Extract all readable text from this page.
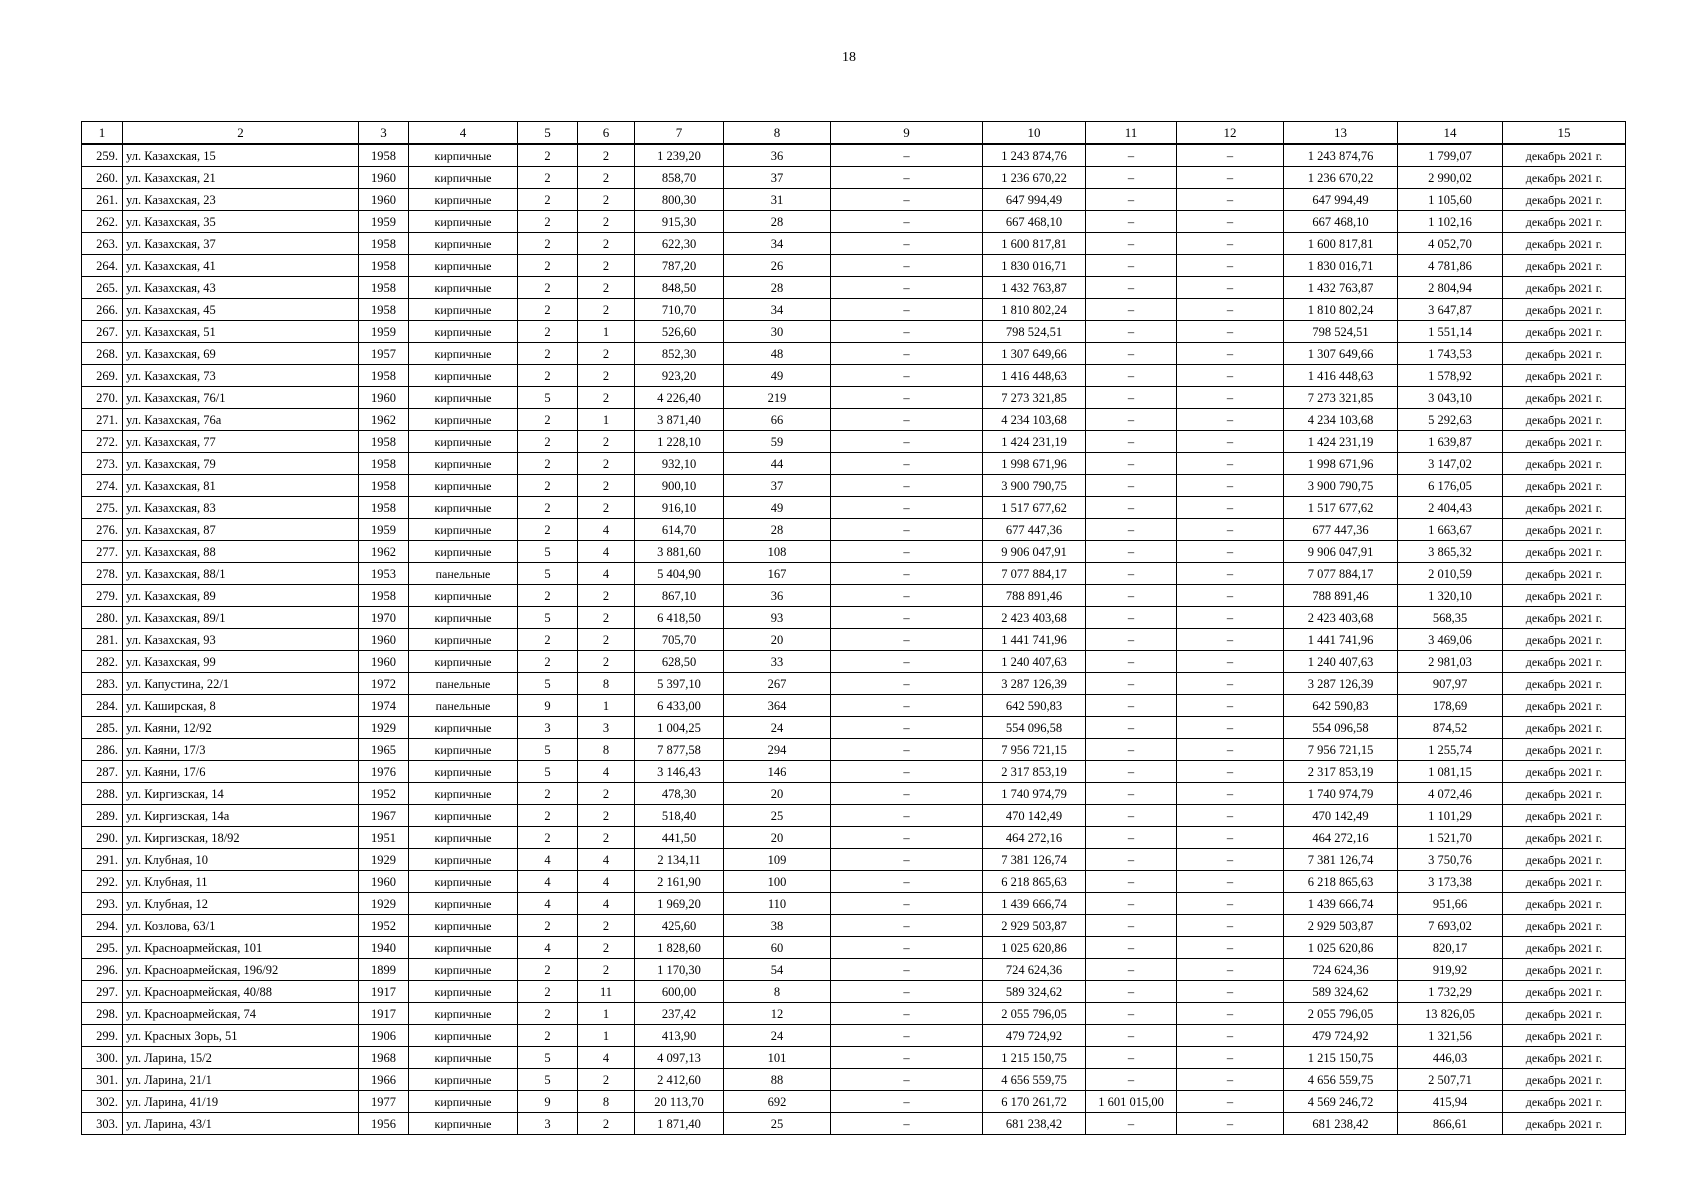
18
1	2	3	4	5	6	7	8	9	10	11	12	13	14	15
259.	ул. Казахская, 15	1958	кирпичные	2	2	1 239,20	36	–	1 243 874,76	–	–	1 243 874,76	1 799,07	декабрь 2021 г.
260.	ул. Казахская, 21	1960	кирпичные	2	2	858,70	37	–	1 236 670,22	–	–	1 236 670,22	2 990,02	декабрь 2021 г.
261.	ул. Казахская, 23	1960	кирпичные	2	2	800,30	31	–	647 994,49	–	–	647 994,49	1 105,60	декабрь 2021 г.
262.	ул. Казахская, 35	1959	кирпичные	2	2	915,30	28	–	667 468,10	–	–	667 468,10	1 102,16	декабрь 2021 г.
263.	ул. Казахская, 37	1958	кирпичные	2	2	622,30	34	–	1 600 817,81	–	–	1 600 817,81	4 052,70	декабрь 2021 г.
264.	ул. Казахская, 41	1958	кирпичные	2	2	787,20	26	–	1 830 016,71	–	–	1 830 016,71	4 781,86	декабрь 2021 г.
265.	ул. Казахская, 43	1958	кирпичные	2	2	848,50	28	–	1 432 763,87	–	–	1 432 763,87	2 804,94	декабрь 2021 г.
266.	ул. Казахская, 45	1958	кирпичные	2	2	710,70	34	–	1 810 802,24	–	–	1 810 802,24	3 647,87	декабрь 2021 г.
267.	ул. Казахская, 51	1959	кирпичные	2	1	526,60	30	–	798 524,51	–	–	798 524,51	1 551,14	декабрь 2021 г.
268.	ул. Казахская, 69	1957	кирпичные	2	2	852,30	48	–	1 307 649,66	–	–	1 307 649,66	1 743,53	декабрь 2021 г.
269.	ул. Казахская, 73	1958	кирпичные	2	2	923,20	49	–	1 416 448,63	–	–	1 416 448,63	1 578,92	декабрь 2021 г.
270.	ул. Казахская, 76/1	1960	кирпичные	5	2	4 226,40	219	–	7 273 321,85	–	–	7 273 321,85	3 043,10	декабрь 2021 г.
271.	ул. Казахская, 76а	1962	кирпичные	2	1	3 871,40	66	–	4 234 103,68	–	–	4 234 103,68	5 292,63	декабрь 2021 г.
272.	ул. Казахская, 77	1958	кирпичные	2	2	1 228,10	59	–	1 424 231,19	–	–	1 424 231,19	1 639,87	декабрь 2021 г.
273.	ул. Казахская, 79	1958	кирпичные	2	2	932,10	44	–	1 998 671,96	–	–	1 998 671,96	3 147,02	декабрь 2021 г.
274.	ул. Казахская, 81	1958	кирпичные	2	2	900,10	37	–	3 900 790,75	–	–	3 900 790,75	6 176,05	декабрь 2021 г.
275.	ул. Казахская, 83	1958	кирпичные	2	2	916,10	49	–	1 517 677,62	–	–	1 517 677,62	2 404,43	декабрь 2021 г.
276.	ул. Казахская, 87	1959	кирпичные	2	4	614,70	28	–	677 447,36	–	–	677 447,36	1 663,67	декабрь 2021 г.
277.	ул. Казахская, 88	1962	кирпичные	5	4	3 881,60	108	–	9 906 047,91	–	–	9 906 047,91	3 865,32	декабрь 2021 г.
278.	ул. Казахская, 88/1	1953	панельные	5	4	5 404,90	167	–	7 077 884,17	–	–	7 077 884,17	2 010,59	декабрь 2021 г.
279.	ул. Казахская, 89	1958	кирпичные	2	2	867,10	36	–	788 891,46	–	–	788 891,46	1 320,10	декабрь 2021 г.
280.	ул. Казахская, 89/1	1970	кирпичные	5	2	6 418,50	93	–	2 423 403,68	–	–	2 423 403,68	568,35	декабрь 2021 г.
281.	ул. Казахская, 93	1960	кирпичные	2	2	705,70	20	–	1 441 741,96	–	–	1 441 741,96	3 469,06	декабрь 2021 г.
282.	ул. Казахская, 99	1960	кирпичные	2	2	628,50	33	–	1 240 407,63	–	–	1 240 407,63	2 981,03	декабрь 2021 г.
283.	ул. Капустина, 22/1	1972	панельные	5	8	5 397,10	267	–	3 287 126,39	–	–	3 287 126,39	907,97	декабрь 2021 г.
284.	ул. Каширская, 8	1974	панельные	9	1	6 433,00	364	–	642 590,83	–	–	642 590,83	178,69	декабрь 2021 г.
285.	ул. Каяни, 12/92	1929	кирпичные	3	3	1 004,25	24	–	554 096,58	–	–	554 096,58	874,52	декабрь 2021 г.
286.	ул. Каяни, 17/3	1965	кирпичные	5	8	7 877,58	294	–	7 956 721,15	–	–	7 956 721,15	1 255,74	декабрь 2021 г.
287.	ул. Каяни, 17/6	1976	кирпичные	5	4	3 146,43	146	–	2 317 853,19	–	–	2 317 853,19	1 081,15	декабрь 2021 г.
288.	ул. Киргизская, 14	1952	кирпичные	2	2	478,30	20	–	1 740 974,79	–	–	1 740 974,79	4 072,46	декабрь 2021 г.
289.	ул. Киргизская, 14а	1967	кирпичные	2	2	518,40	25	–	470 142,49	–	–	470 142,49	1 101,29	декабрь 2021 г.
290.	ул. Киргизская, 18/92	1951	кирпичные	2	2	441,50	20	–	464 272,16	–	–	464 272,16	1 521,70	декабрь 2021 г.
291.	ул. Клубная, 10	1929	кирпичные	4	4	2 134,11	109	–	7 381 126,74	–	–	7 381 126,74	3 750,76	декабрь 2021 г.
292.	ул. Клубная, 11	1960	кирпичные	4	4	2 161,90	100	–	6 218 865,63	–	–	6 218 865,63	3 173,38	декабрь 2021 г.
293.	ул. Клубная, 12	1929	кирпичные	4	4	1 969,20	110	–	1 439 666,74	–	–	1 439 666,74	951,66	декабрь 2021 г.
294.	ул. Козлова, 63/1	1952	кирпичные	2	2	425,60	38	–	2 929 503,87	–	–	2 929 503,87	7 693,02	декабрь 2021 г.
295.	ул. Красноармейская, 101	1940	кирпичные	4	2	1 828,60	60	–	1 025 620,86	–	–	1 025 620,86	820,17	декабрь 2021 г.
296.	ул. Красноармейская, 196/92	1899	кирпичные	2	2	1 170,30	54	–	724 624,36	–	–	724 624,36	919,92	декабрь 2021 г.
297.	ул. Красноармейская, 40/88	1917	кирпичные	2	11	600,00	8	–	589 324,62	–	–	589 324,62	1 732,29	декабрь 2021 г.
298.	ул. Красноармейская, 74	1917	кирпичные	2	1	237,42	12	–	2 055 796,05	–	–	2 055 796,05	13 826,05	декабрь 2021 г.
299.	ул. Красных Зорь, 51	1906	кирпичные	2	1	413,90	24	–	479 724,92	–	–	479 724,92	1 321,56	декабрь 2021 г.
300.	ул. Ларина, 15/2	1968	кирпичные	5	4	4 097,13	101	–	1 215 150,75	–	–	1 215 150,75	446,03	декабрь 2021 г.
301.	ул. Ларина, 21/1	1966	кирпичные	5	2	2 412,60	88	–	4 656 559,75	–	–	4 656 559,75	2 507,71	декабрь 2021 г.
302.	ул. Ларина, 41/19	1977	кирпичные	9	8	20 113,70	692	–	6 170 261,72	1 601 015,00	–	4 569 246,72	415,94	декабрь 2021 г.
303.	ул. Ларина, 43/1	1956	кирпичные	3	2	1 871,40	25	–	681 238,42	–	–	681 238,42	866,61	декабрь 2021 г.
